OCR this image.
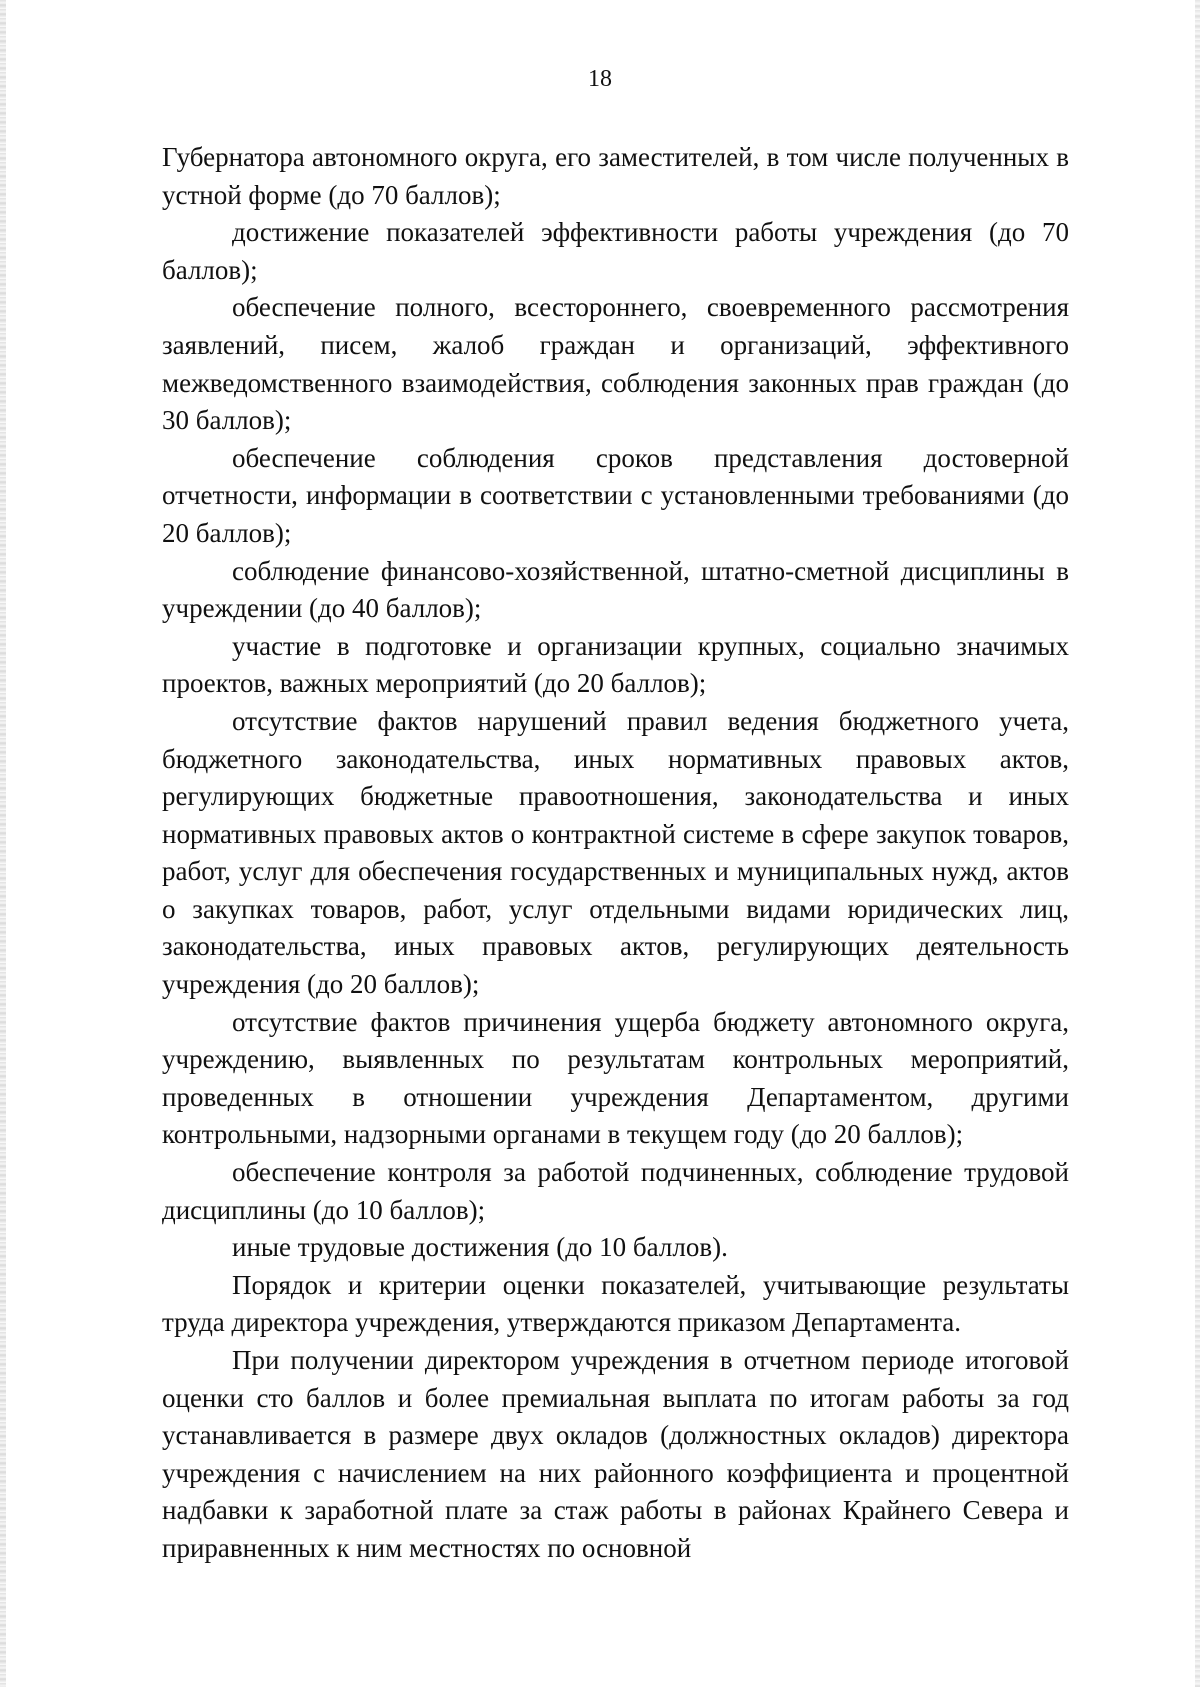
18

Губернатора автономного округа, его заместителей, в том числе полученных в устной форме (до 70 баллов);

достижение показателей эффективности работы учреждения (до 70 баллов);

обеспечение полного, всестороннего, своевременного рассмотрения заявлений, писем, жалоб граждан и организаций, эффективного межведомственного взаимодействия, соблюдения законных прав граждан (до 30 баллов);

обеспечение соблюдения сроков представления достоверной отчетности, информации в соответствии с установленными требованиями (до 20 баллов);

соблюдение финансово-хозяйственной, штатно-сметной дисциплины в учреждении (до 40 баллов);

участие в подготовке и организации крупных, социально значимых проектов, важных мероприятий (до 20 баллов);

отсутствие фактов нарушений правил ведения бюджетного учета, бюджетного законодательства, иных нормативных правовых актов, регулирующих бюджетные правоотношения, законодательства и иных нормативных правовых актов о контрактной системе в сфере закупок товаров, работ, услуг для обеспечения государственных и муниципальных нужд, актов о закупках товаров, работ, услуг отдельными видами юридических лиц, законодательства, иных правовых актов, регулирующих деятельность учреждения (до 20 баллов);

отсутствие фактов причинения ущерба бюджету автономного округа, учреждению, выявленных по результатам контрольных мероприятий, проведенных в отношении учреждения Департаментом, другими контрольными, надзорными органами в текущем году (до 20 баллов);

обеспечение контроля за работой подчиненных, соблюдение трудовой дисциплины (до 10 баллов);

иные трудовые достижения (до 10 баллов).

Порядок и критерии оценки показателей, учитывающие результаты труда директора учреждения, утверждаются приказом Департамента.

При получении директором учреждения в отчетном периоде итоговой оценки сто баллов и более премиальная выплата по итогам работы за год устанавливается в размере двух окладов (должностных окладов) директора учреждения с начислением на них районного коэффициента и процентной надбавки к заработной плате за стаж работы в районах Крайнего Севера и приравненных к ним местностях по основной
